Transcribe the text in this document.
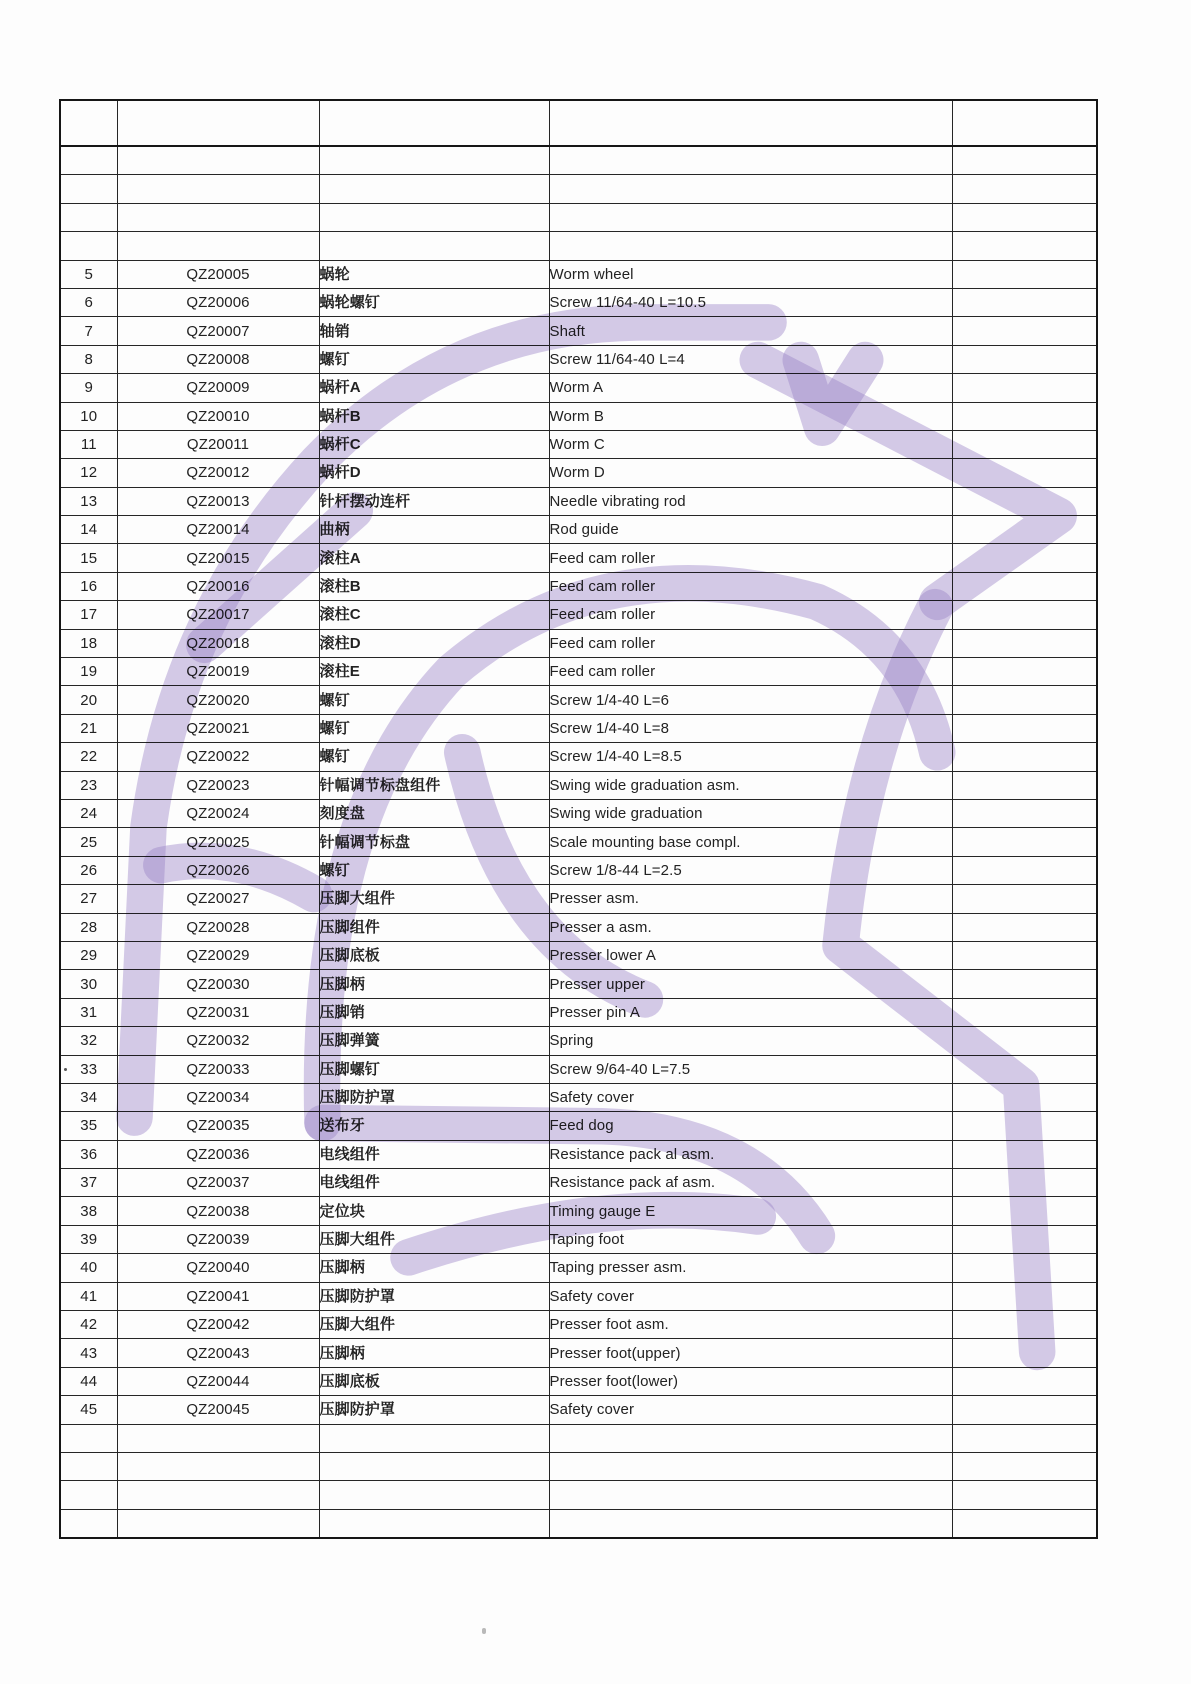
5	QZ20005	蜗轮	Worm wheel	
6	QZ20006	蜗轮螺钉	Screw 11/64-40 L=10.5	
7	QZ20007	轴销	Shaft	
8	QZ20008	螺钉	Screw 11/64-40 L=4	
9	QZ20009	蜗杆A	Worm A	
10	QZ20010	蜗杆B	Worm B	
11	QZ20011	蜗杆C	Worm C	
12	QZ20012	蜗杆D	Worm D	
13	QZ20013	针杆摆动连杆	Needle vibrating rod	
14	QZ20014	曲柄	Rod guide	
15	QZ20015	滚柱A	Feed cam roller	
16	QZ20016	滚柱B	Feed cam roller	
17	QZ20017	滚柱C	Feed cam roller	
18	QZ20018	滚柱D	Feed cam roller	
19	QZ20019	滚柱E	Feed cam roller	
20	QZ20020	螺钉	Screw 1/4-40 L=6	
21	QZ20021	螺钉	Screw 1/4-40 L=8	
22	QZ20022	螺钉	Screw 1/4-40 L=8.5	
23	QZ20023	针幅调节标盘组件	Swing wide graduation asm.	
24	QZ20024	刻度盘	Swing wide graduation	
25	QZ20025	针幅调节标盘	Scale mounting base compl.	
26	QZ20026	螺钉	Screw 1/8-44 L=2.5	
27	QZ20027	压脚大组件	Presser asm.	
28	QZ20028	压脚组件	Presser a asm.	
29	QZ20029	压脚底板	Presser lower A	
30	QZ20030	压脚柄	Presser upper	
31	QZ20031	压脚销	Presser pin A	
32	QZ20032	压脚弹簧	Spring	
33	QZ20033	压脚螺钉	Screw 9/64-40 L=7.5	
34	QZ20034	压脚防护罩	Safety cover	
35	QZ20035	送布牙	Feed dog	
36	QZ20036	电线组件	Resistance pack al asm.	
37	QZ20037	电线组件	Resistance pack af asm.	
38	QZ20038	定位块	Timing gauge E	
39	QZ20039	压脚大组件	Taping foot	
40	QZ20040	压脚柄	Taping presser asm.	
41	QZ20041	压脚防护罩	Safety cover	
42	QZ20042	压脚大组件	Presser foot asm.	
43	QZ20043	压脚柄	Presser foot(upper)	
44	QZ20044	压脚底板	Presser foot(lower)	
45	QZ20045	压脚防护罩	Safety cover	
